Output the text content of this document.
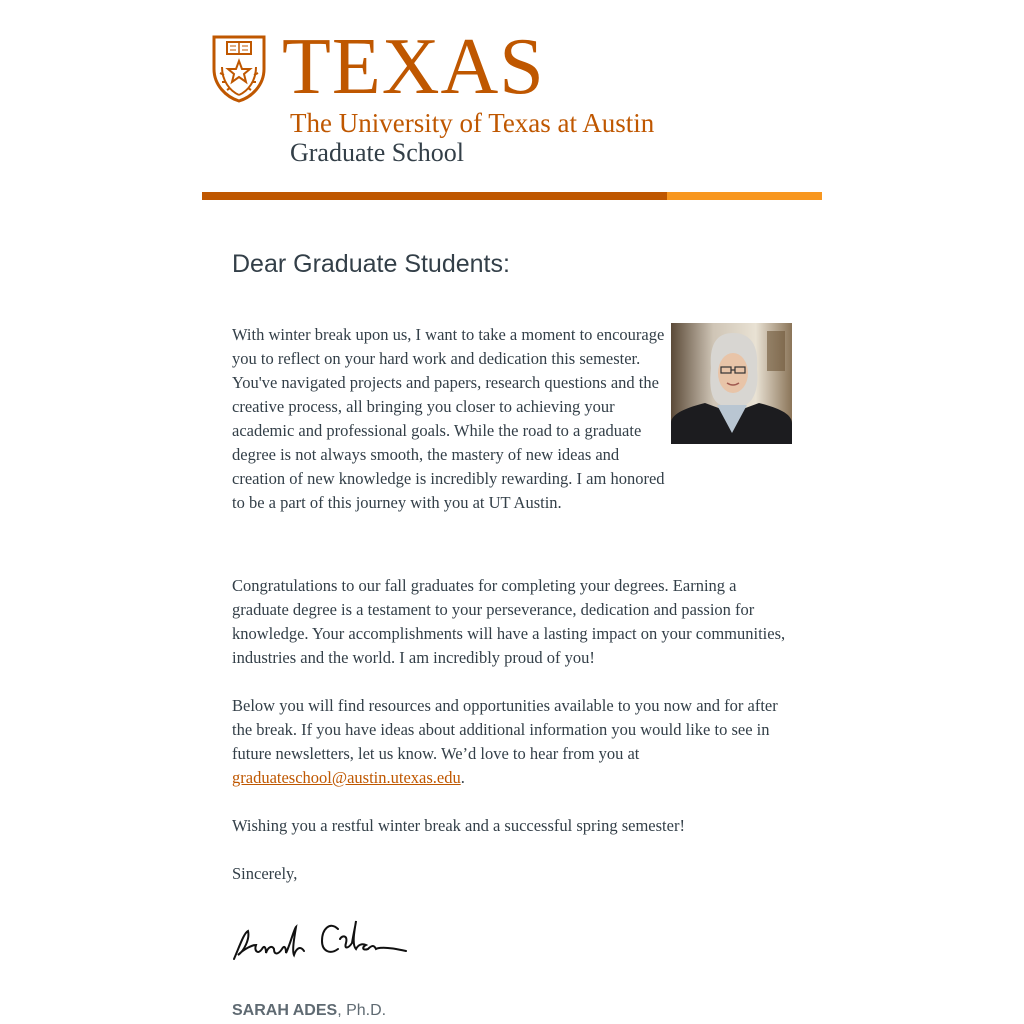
TEXAS
The University of Texas at Austin
Graduate School
Dear Graduate Students:

With winter break upon us, I want to take a moment to encourage you to reflect on your hard work and dedication this semester. You've navigated projects and papers, research questions and the creative process, all bringing you closer to achieving your academic and professional goals. While the road to a graduate degree is not always smooth, the mastery of new ideas and creation of new knowledge is incredibly rewarding. I am honored to be a part of this journey with you at UT Austin.

Congratulations to our fall graduates for completing your degrees. Earning a graduate degree is a testament to your perseverance, dedication and passion for knowledge. Your accomplishments will have a lasting impact on your communities, industries and the world. I am incredibly proud of you!

Below you will find resources and opportunities available to you now and for after the break. If you have ideas about additional information you would like to see in future newsletters, let us know. We’d love to hear from you at graduateschool@austin.utexas.edu.

Wishing you a restful winter break and a successful spring semester!

Sincerely,

SARAH ADES, Ph.D.
